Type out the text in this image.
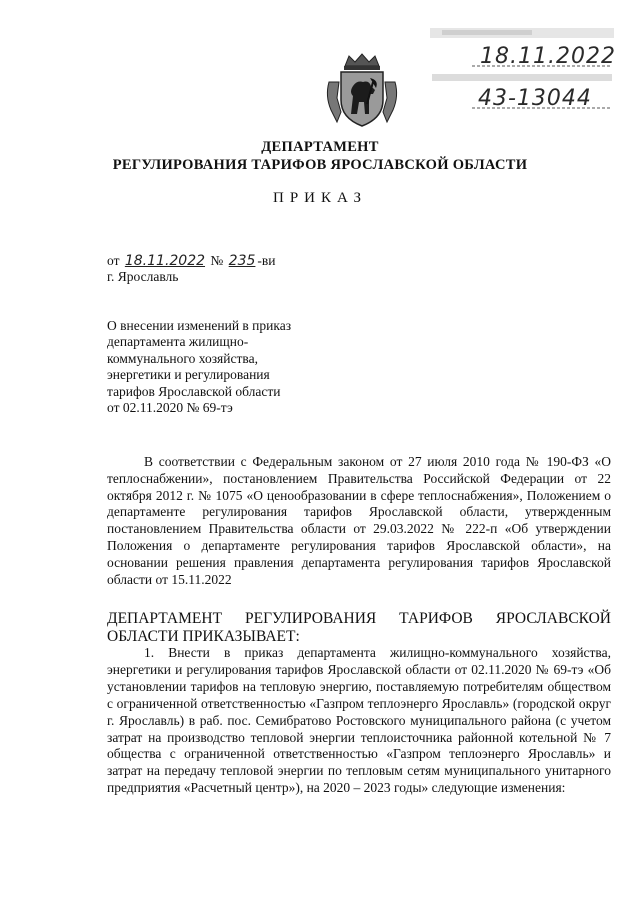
18.11.2022
43-13044
ДЕПАРТАМЕНТ
РЕГУЛИРОВАНИЯ ТАРИФОВ ЯРОСЛАВСКОЙ ОБЛАСТИ
ПРИКАЗ
от 18.11.2022 № 235 -ви
г. Ярославль
О внесении изменений в приказ
департамента жилищно-
коммунального хозяйства,
энергетики и регулирования
тарифов Ярославской области
от 02.11.2020 № 69-тэ
В соответствии с Федеральным законом от 27 июля 2010 года № 190-ФЗ «О теплоснабжении», постановлением Правительства Российской Федерации от 22 октября 2012 г. № 1075 «О ценообразовании в сфере теплоснабжения», Положением о департаменте регулирования тарифов Ярославской области, утвержденным постановлением Правительства области от 29.03.2022 № 222-п «Об утверждении Положения о департаменте регулирования тарифов Ярославской области», на основании решения правления департамента регулирования тарифов Ярославской области от 15.11.2022
ДЕПАРТАМЕНТ РЕГУЛИРОВАНИЯ ТАРИФОВ ЯРОСЛАВСКОЙ
ОБЛАСТИ ПРИКАЗЫВАЕТ:
1. Внести в приказ департамента жилищно-коммунального хозяйства, энергетики и регулирования тарифов Ярославской области от 02.11.2020 № 69-тэ «Об установлении тарифов на тепловую энергию, поставляемую потребителям обществом с ограниченной ответственностью «Газпром теплоэнерго Ярославль» (городской округ г. Ярославль) в раб. пос. Семибратово Ростовского муниципального района (с учетом затрат на производство тепловой энергии теплоисточника районной котельной № 7 общества с ограниченной ответственностью «Газпром теплоэнерго Ярославль» и затрат на передачу тепловой энергии по тепловым сетям муниципального унитарного предприятия «Расчетный центр»), на 2020 – 2023 годы» следующие изменения:
